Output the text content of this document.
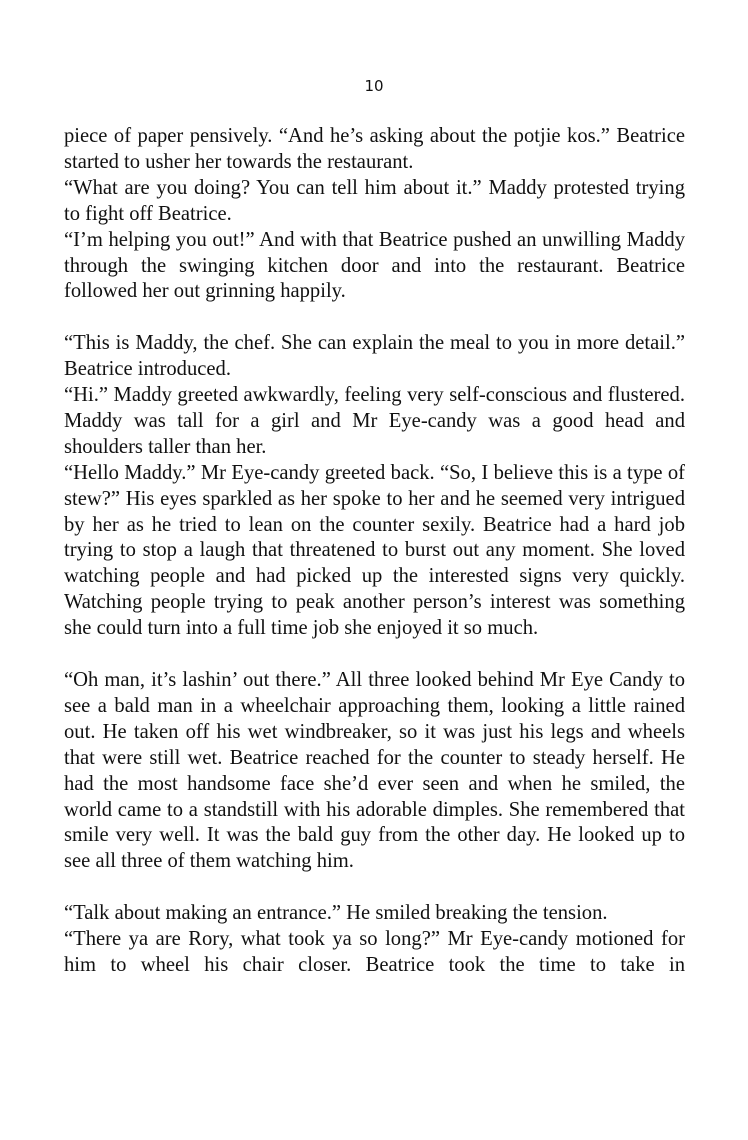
10

piece of paper pensively. “And he’s asking about the potjie kos.” Beatrice started to usher her towards the restaurant.

“What are you doing? You can tell him about it.” Maddy protested trying to fight off Beatrice.

“I’m helping you out!” And with that Beatrice pushed an unwilling Maddy through the swinging kitchen door and into the restaurant. Beatrice followed her out grinning happily.

“This is Maddy, the chef. She can explain the meal to you in more detail.” Beatrice introduced.

“Hi.” Maddy greeted awkwardly, feeling very self-conscious and flustered. Maddy was tall for a girl and Mr Eye-candy was a good head and shoulders taller than her.

“Hello Maddy.” Mr Eye-candy greeted back. “So, I believe this is a type of stew?” His eyes sparkled as her spoke to her and he seemed very intrigued by her as he tried to lean on the counter sexily. Beatrice had a hard job trying to stop a laugh that threatened to burst out any moment. She loved watching people and had picked up the interested signs very quickly. Watching people trying to peak another person’s interest was something she could turn into a full time job she enjoyed it so much.

“Oh man, it’s lashin’ out there.” All three looked behind Mr Eye Candy to see a bald man in a wheelchair approaching them, looking a little rained out. He taken off his wet windbreaker, so it was just his legs and wheels that were still wet. Beatrice reached for the counter to steady herself. He had the most handsome face she’d ever seen and when he smiled, the world came to a standstill with his adorable dimples. She remembered that smile very well. It was the bald guy from the other day. He looked up to see all three of them watching him.

“Talk about making an entrance.” He smiled breaking the tension.

“There ya are Rory, what took ya so long?” Mr Eye-candy motioned for him to wheel his chair closer. Beatrice took the time to take in
